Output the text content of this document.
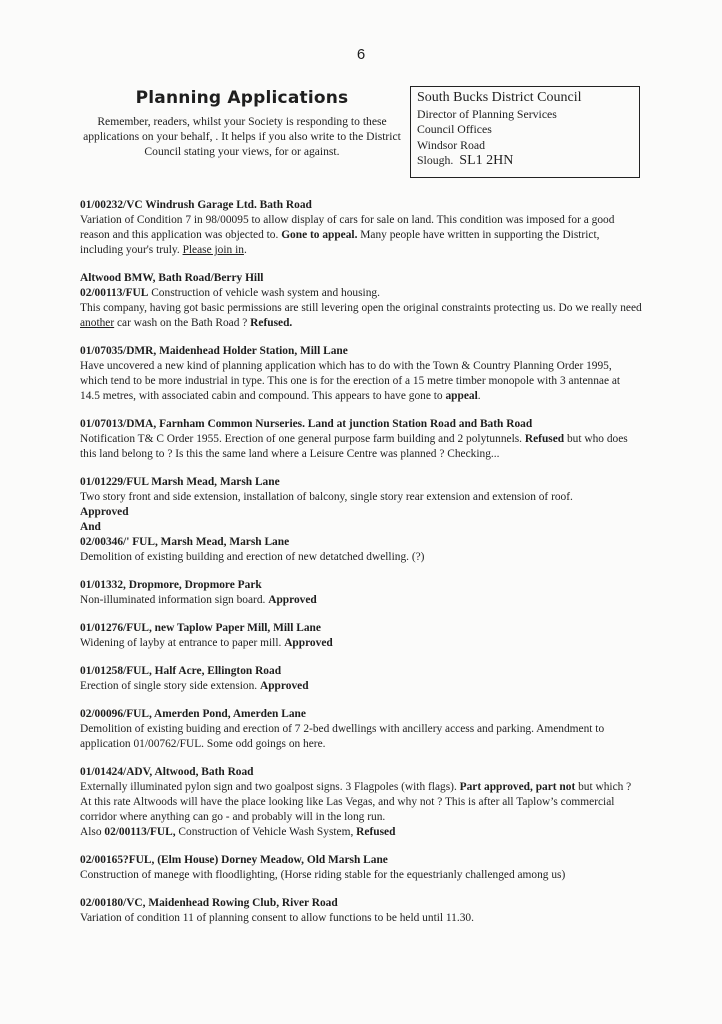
6
Planning Applications

Remember, readers, whilst your Society is responding to these applications on your behalf, . It helps if you also write to the District Council stating your views, for or against.

South Bucks District Council
Director of Planning Services
Council Offices
Windsor Road
Slough. SL1 2HN

01/00232/VC Windrush Garage Ltd. Bath Road

Variation of Condition 7 in 98/00095 to allow display of cars for sale on land. This condition was imposed for a good reason and this application was objected to. Gone to appeal. Many people have written in supporting the District, including your's truly. Please join in.

Altwood BMW, Bath Road/Berry Hill

02/00113/FUL Construction of vehicle wash system and housing.

This company, having got basic permissions are still levering open the original constraints protecting us. Do we really need another car wash on the Bath Road ? Refused.

01/07035/DMR, Maidenhead Holder Station, Mill Lane

Have uncovered a new kind of planning application which has to do with the Town & Country Planning Order 1995, which tend to be more industrial in type. This one is for the erection of a 15 metre timber monopole with 3 antennae at 14.5 metres, with associated cabin and compound. This appears to have gone to appeal.

01/07013/DMA, Farnham Common Nurseries. Land at junction Station Road and Bath Road

Notification T& C Order 1955. Erection of one general purpose farm building and 2 polytunnels. Refused but who does this land belong to ? Is this the same land where a Leisure Centre was planned ? Checking...

01/01229/FUL Marsh Mead, Marsh Lane

Two story front and side extension, installation of balcony, single story rear extension and extension of roof.

Approved

And

02/00346/' FUL, Marsh Mead, Marsh Lane

Demolition of existing building and erection of new detatched dwelling. (?)

01/01332, Dropmore, Dropmore Park

Non-illuminated information sign board. Approved

01/01276/FUL, new Taplow Paper Mill, Mill Lane

Widening of layby at entrance to paper mill. Approved

01/01258/FUL, Half Acre, Ellington Road

Erection of single story side extension. Approved

02/00096/FUL, Amerden Pond, Amerden Lane

Demolition of existing buiding and erection of 7 2-bed dwellings with ancillery access and parking. Amendment to application 01/00762/FUL. Some odd goings on here.

01/01424/ADV, Altwood, Bath Road

Externally illuminated pylon sign and two goalpost signs. 3 Flagpoles (with flags). Part approved, part not but which ? At this rate Altwoods will have the place looking like Las Vegas, and why not ? This is after all Taplow’s commercial corridor where anything can go - and probably will in the long run.

Also 02/00113/FUL, Construction of Vehicle Wash System, Refused

02/00165?FUL, (Elm House) Dorney Meadow, Old Marsh Lane

Construction of manege with floodlighting, (Horse riding stable for the equestrianly challenged among us)

02/00180/VC, Maidenhead Rowing Club, River Road

Variation of condition 11 of planning consent to allow functions to be held until 11.30.
